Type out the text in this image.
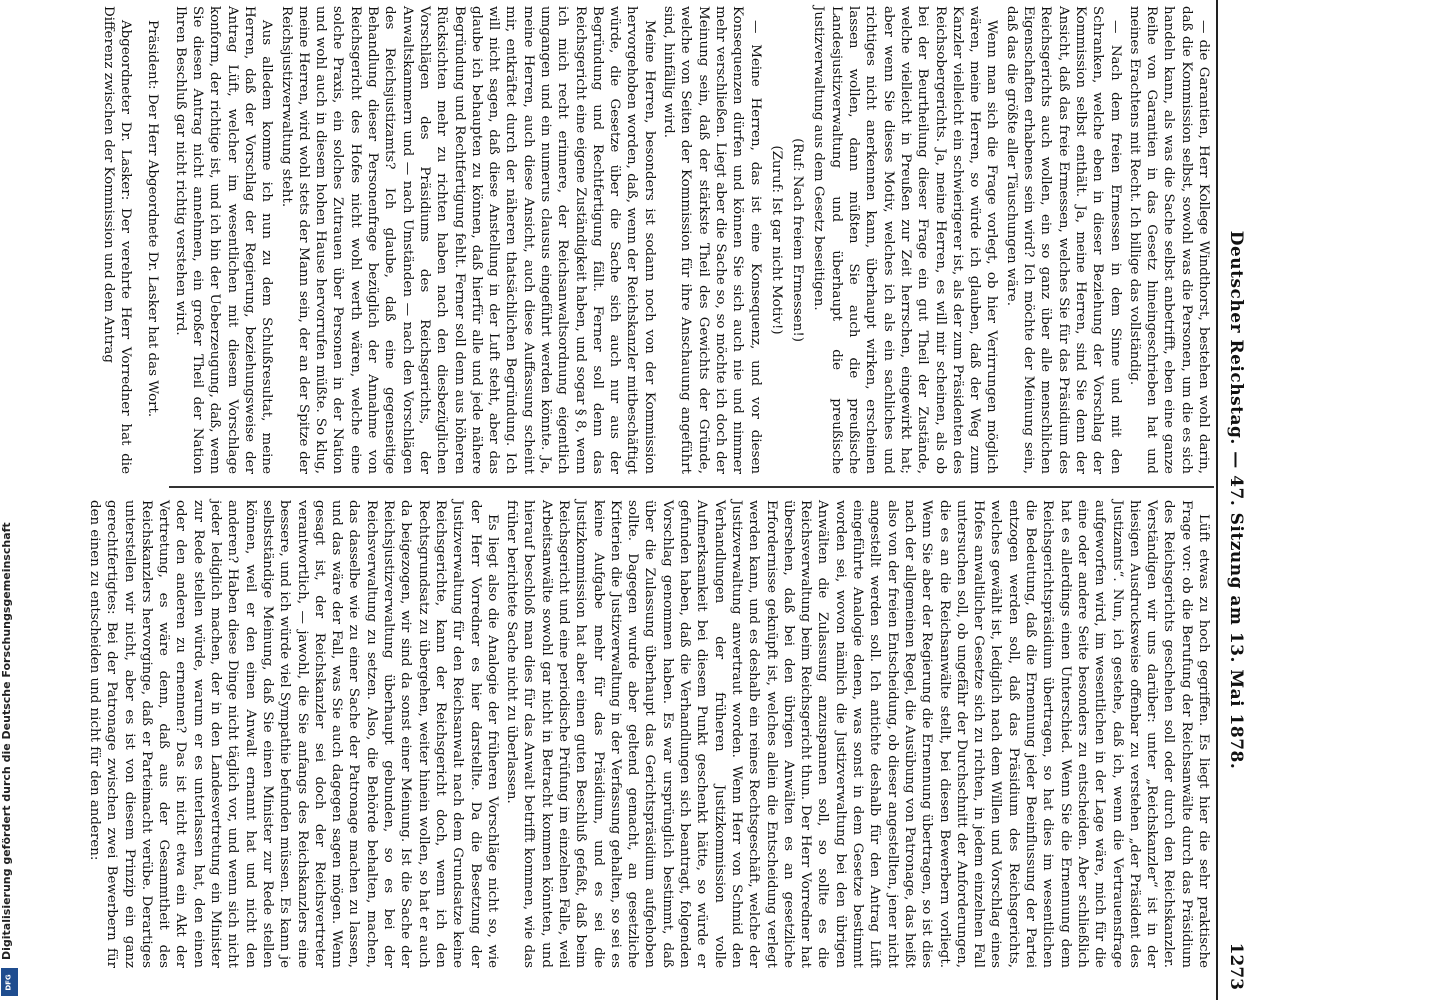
Digitalisierung gefördert durch die Deutsche Forschungsgemeinschaft
DFG
Deutscher Reichstag. — 47. Sitzung am 13. Mai 1878.
1273

— die Garantien, Herr Kollege Windthorst, bestehen wohl darin, daß die Kommission selbst, sowohl was die Personen, um die es sich handeln kann, als was die Sache selbst anbetrifft, eben eine ganze Reihe von Garantien in das Gesetz hineingeschrieben hat und meines Erachtens mit Recht. Ich billige das vollständig.

— Nach dem freien Ermessen in dem Sinne und mit den Schranken, welche eben in dieser Beziehung der Vorschlag der Kommission selbst enthält. Ja, meine Herren, sind Sie denn der Ansicht, daß das freie Ermessen, welches Sie für das Präsidium des Reichsgerichts auch wollen, ein so ganz über alle menschlichen Eigenschaften erhabenes sein wird? Ich möchte der Meinung sein, daß das die größte aller Täuschungen wäre.

Wenn man sich die Frage vorlegt, ob hier Verirrungen möglich wären, meine Herren, so würde ich glauben, daß der Weg zum Kanzler vielleicht ein schwierigerer ist, als der zum Präsidenten des Reichsobergerichts. Ja, meine Herren, es will mir scheinen, als ob bei der Beurtheilung dieser Frage ein gut Theil der Zustände, welche vielleicht in Preußen zur Zeit herrschen, eingewirkt hat; aber wenn Sie dieses Motiv, welches ich als ein sachliches und richtiges nicht anerkennen kann, überhaupt wirken, erscheinen lassen wollen, dann müßten Sie auch die preußische Landesjustizverwaltung und überhaupt die preußische Justizverwaltung aus dem Gesetz beseitigen.

(Ruf: Nach freiem Ermessen!)

(Zuruf: Ist gar nicht Motiv!)

— Meine Herren, das ist eine Konsequenz, und vor diesen Konsequenzen dürfen und können Sie sich auch nie und nimmer mehr verschließen. Liegt aber die Sache so, so möchte ich doch der Meinung sein, daß der stärkste Theil des Gewichts der Gründe, welche von Seiten der Kommission für ihre Anschauung angeführt sind, hinfällig wird.

Meine Herren, besonders ist sodann noch von der Kommission hervorgehoben worden, daß, wenn der Reichskanzler mitbeschäftigt würde, die Gesetze über die Sache sich auch nur aus der Begründung und Rechtfertigung fällt. Ferner soll denn das Reichsgericht eine eigene Zuständigkeit haben, und sogar § 8, wenn ich mich recht erinnere, der Reichsanwaltsordnung eigentlich umgangen und ein numerus clausus eingeführt werden könnte. Ja, meine Herren, auch diese Ansicht, auch diese Auffassung scheint mir, entkräftet durch der näheren thatsächlichen Begründung. Ich will nicht sagen, daß diese Anstellung in der Luft steht, aber das glaube ich behaupten zu können, daß hierfür alle und jede nähere Begründung und Rechtfertigung fehlt. Ferner soll denn aus höheren Rücksichten mehr zu richten haben nach den diesbezüglichen Vorschlägen des Präsidiums des Reichsgerichts, der Anwaltskammern und — nach Umständen — nach den Vorschlägen des Reichsjustizamts? Ich glaube, daß eine gegenseitige Behandlung dieser Personenfrage bezüglich der Annahme von Reichsgericht des Hofes nicht wohl werth wären, welche eine solche Praxis, ein solches Zutrauen über Personen in der Nation und wohl auch in diesem hohen Hause hervorrufen müßte. So klug, meine Herren, wird wohl stets der Mann sein, der an der Spitze der Reichsjustizverwaltung steht.

Aus alledem komme ich nun zu dem Schlußresultat, meine Herren, daß der Vorschlag der Regierung, beziehungsweise der Antrag Lüft, welcher im wesentlichen mit diesem Vorschlage konform, der richtige ist, und ich bin der Ueberzeugung, daß, wenn Sie diesen Antrag nicht annehmen, ein großer Theil der Nation Ihren Beschluß gar nicht richtig verstehen wird.

Präsident: Der Herr Abgeordnete Dr. Lasker hat das Wort.

Abgeordneter Dr. Lasker: Der verehrte Herr Vorredner hat die Differenz zwischen der Kommission und dem Antrag

Lüft etwas zu hoch gegriffen. Es liegt hier die sehr praktische Frage vor: ob die Berufung der Reichsanwälte durch das Präsidium des Reichsgerichts geschehen soll oder durch den Reichskanzler. Verständigen wir uns darüber: unter „Reichskanzler“ ist in der hiesigen Ausdrucksweise offenbar zu verstehen „der Präsident des Justizamts“. Nun, ich gestehe, daß ich, wenn die Vertrauensfrage aufgeworfen wird, im wesentlichen in der Lage wäre, mich für die eine oder andere Seite besonders zu entscheiden. Aber schließlich hat es allerdings einen Unterschied. Wenn Sie die Ernennung dem Reichsgerichtspräsidium übertragen, so hat dies im wesentlichen die Bedeutung, daß die Ernennung jeder Beeinflussung der Partei entzogen werden soll, daß das Präsidium des Reichsgerichts, welches gewählt ist, lediglich nach dem Willen und Vorschlag eines Hofes anwaltlicher Gesetze sich zu richten, in jedem einzelnen Fall untersuchen soll, ob ungefähr der Durchschnitt der Anforderungen, die es an die Reichsanwälte stellt, bei diesen Bewerbern vorliegt. Wenn Sie aber der Regierung die Ernennung übertragen, so ist dies nach der allgemeinen Regel, die Ausübung von Patronage, das heißt also von der freien Entscheidung, ob dieser angestellten, jener nicht angestellt werden soll. Ich antichte deshalb für den Antrag Lüft eingeführte Analogie denen, was sonst in dem Gesetze bestimmt worden sei, wovon nämlich die Justizverwaltung bei den übrigen Anwälten die Zulassung anzuspannen soll, so sollte es die Reichsverwaltung beim Reichsgericht thun. Der Herr Vorredner hat übersehen, daß bei den übrigen Anwälten es an gesetzliche Erfordernisse geknüpft ist, welches allein die Entscheidung verlegt werden kann, und es deshalb ein reines Rechtsgeschäft, welche der Justizverwaltung anvertraut worden. Wenn Herr von Schmid den Verhandlungen der früheren Justizkommission volle Aufmerksamkeit bei diesem Punkt geschenkt hätte, so würde er gefunden haben, daß die Verhandlungen sich beantragt, folgenden Vorschlag genommen haben. Es war ursprünglich bestimmt, daß über die Zulassung überhaupt das Gerichtspräsidium aufgehoben sollte. Dagegen wurde aber geltend gemacht, an gesetzliche Kriterien die Justizverwaltung in der Verfassung gehalten, so sei es keine Aufgabe mehr für das Präsidium, und es sei die Justizkommission hat aber einen guten Beschluß gefaßt, daß beim Reichsgericht und eine periodische Prüfung im einzelnen Falle, weil Arbeitsanwälte sowohl gar nicht in Betracht kommen könnten, und hierauf beschloß man dies für das Anwalt betrifft kommen, wie das früher berichtete Sache nicht zu überlassen.

Es liegt also die Analogie der früheren Vorschläge nicht so, wie der Herr Vorredner es hier darstellte. Da die Besetzung der Justizverwaltung für den Reichsanwalt nach dem Grundsatze keine Reichsgerichte, kann der Reichsgericht doch, wenn ich den Rechtsgrundsatz zu übergehen, weiter hinein wollen, so hat er auch da beigezogen, wir sind da sonst einer Meinung. Ist die Sache der Reichsjustizverwaltung überhaupt gebunden, so es bei der Reichsverwaltung zu setzen. Also, die Behörde behalten, machen, das dasselbe wie zu einer Sache der Patronage machen zu lassen, und das wäre der Fall, was Sie auch dagegen sagen mögen. Wenn gesagt ist, der Reichskanzler sei doch der Reichsvertreter verantwortlich, — jawohl, die Sie anfangs des Reichskanzlers eine bessere, und ich würde viel Sympathie befunden müssen. Es kann je selbstständige Meinung, daß Sie einen Minister zur Rede stellen können, weil er den einen Anwalt ernannt hat und nicht den anderen? Haben diese Dinge nicht täglich vor, und wenn sich nicht jeder lediglich machen, der in den Landesvertretung ein Minister zur Rede stellen würde, warum er es unterlassen hat, den einen oder den anderen zu ernennen? Das ist nicht etwa ein Akt der Vertretung, es wäre denn, daß aus der Gesammtheit des Reichskanzlers hervorginge, daß er Parteimacht verübe. Derartiges unterstellen wir nicht, aber es ist von diesem Prinzip ein ganz gerechtfertigtes: Bei der Patronage zwischen zwei Bewerbern für den einen zu entscheiden und nicht für den anderen:
